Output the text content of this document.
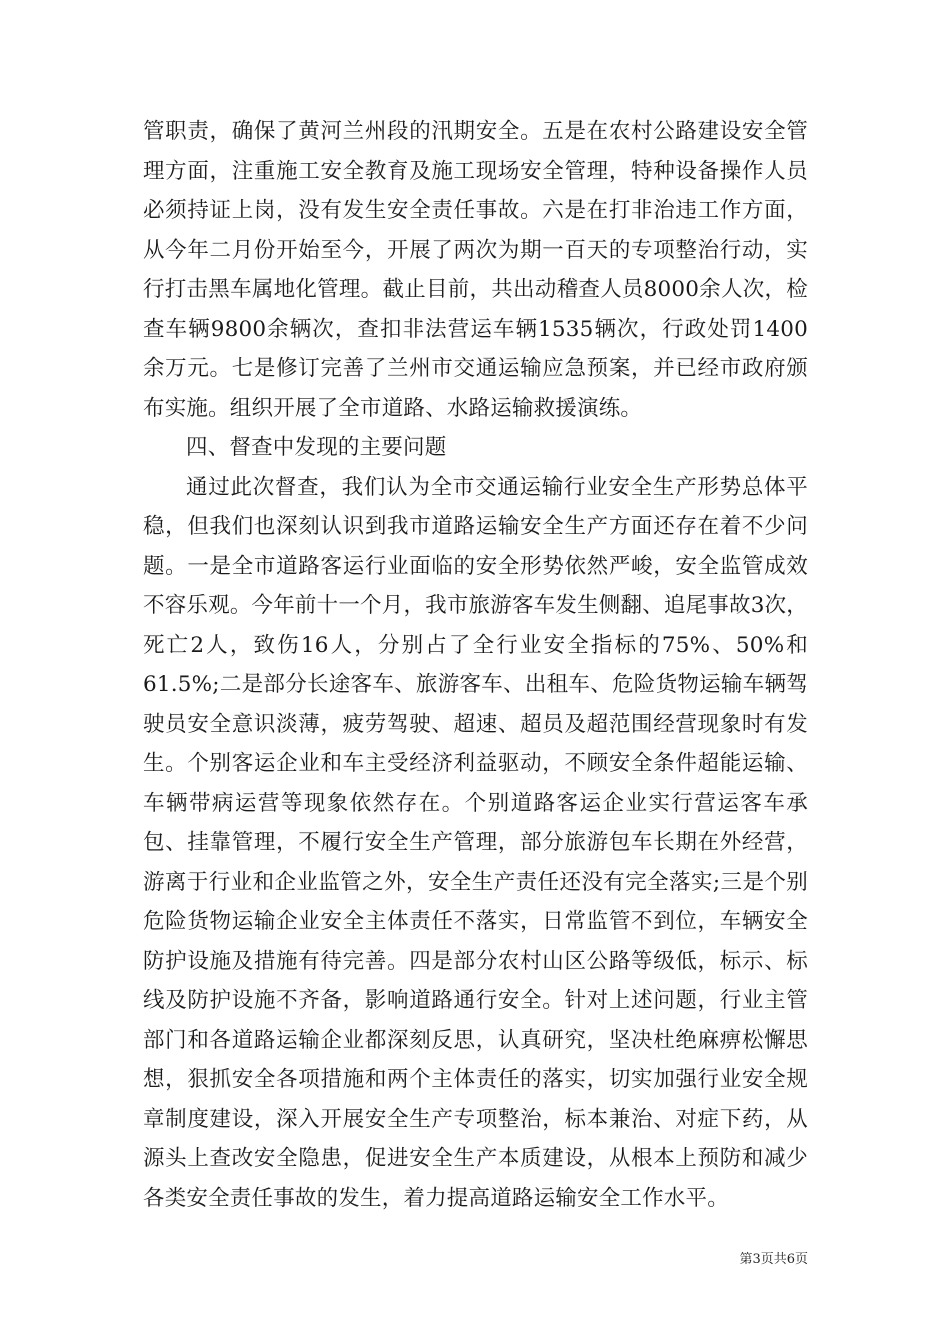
管职责，确保了黄河兰州段的汛期安全。五是在农村公路建设安全管理方面，注重施工安全教育及施工现场安全管理，特种设备操作人员必须持证上岗，没有发生安全责任事故。六是在打非治违工作方面，从今年二月份开始至今，开展了两次为期一百天的专项整治行动，实行打击黑车属地化管理。截止目前，共出动稽查人员8000余人次，检查车辆9800余辆次，查扣非法营运车辆1535辆次，行政处罚1400余万元。七是修订完善了兰州市交通运输应急预案，并已经市政府颁布实施。组织开展了全市道路、水路运输救援演练。

四、督查中发现的主要问题

通过此次督查，我们认为全市交通运输行业安全生产形势总体平稳，但我们也深刻认识到我市道路运输安全生产方面还存在着不少问题。一是全市道路客运行业面临的安全形势依然严峻，安全监管成效不容乐观。今年前十一个月，我市旅游客车发生侧翻、追尾事故3次，死亡2人，致伤16人，分别占了全行业安全指标的75%、50%和61.5%;二是部分长途客车、旅游客车、出租车、危险货物运输车辆驾驶员安全意识淡薄，疲劳驾驶、超速、超员及超范围经营现象时有发生。个别客运企业和车主受经济利益驱动，不顾安全条件超能运输、车辆带病运营等现象依然存在。个别道路客运企业实行营运客车承包、挂靠管理，不履行安全生产管理，部分旅游包车长期在外经营，游离于行业和企业监管之外，安全生产责任还没有完全落实;三是个别危险货物运输企业安全主体责任不落实，日常监管不到位，车辆安全防护设施及措施有待完善。四是部分农村山区公路等级低，标示、标线及防护设施不齐备，影响道路通行安全。针对上述问题，行业主管部门和各道路运输企业都深刻反思，认真研究，坚决杜绝麻痹松懈思想，狠抓安全各项措施和两个主体责任的落实，切实加强行业安全规章制度建设，深入开展安全生产专项整治，标本兼治、对症下药，从源头上查改安全隐患，促进安全生产本质建设，从根本上预防和减少各类安全责任事故的发生，着力提高道路运输安全工作水平。

第3页共6页
